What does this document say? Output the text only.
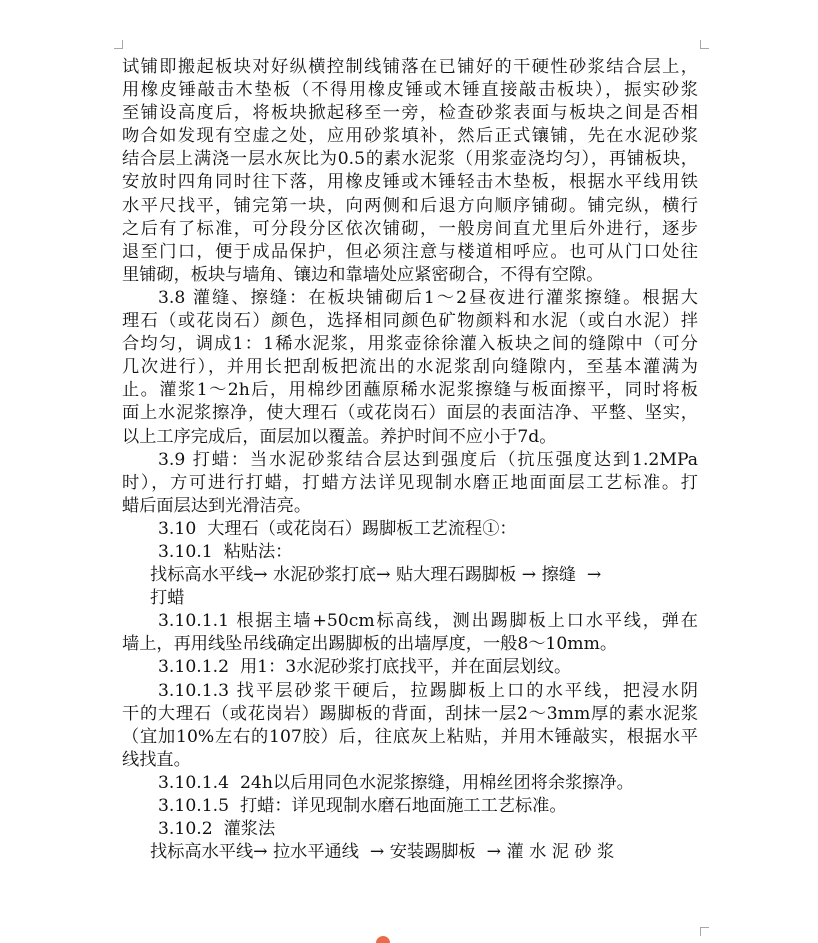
试铺即搬起板块对好纵横控制线铺落在已铺好的干硬性砂浆结合层上，
用橡皮锤敲击木垫板（不得用橡皮锤或木锤直接敲击板块），振实砂浆
至铺设高度后，将板块掀起移至一旁，检查砂浆表面与板块之间是否相
吻合如发现有空虚之处，应用砂浆填补，然后正式镶铺，先在水泥砂浆
结合层上满浇一层水灰比为0.5的素水泥浆（用浆壶浇均匀），再铺板块，
安放时四角同时往下落，用橡皮锤或木锤轻击木垫板，根据水平线用铁
水平尺找平，铺完第一块，向两侧和后退方向顺序铺砌。铺完纵，横行
之后有了标准，可分段分区依次铺砌，一般房间直尤里后外进行，逐步
退至门口，便于成品保护，但必须注意与楼道相呼应。也可从门口处往
里铺砌，板块与墙角、镶边和靠墙处应紧密砌合，不得有空隙。
3.8 灌缝、擦缝：在板块铺砌后1～2昼夜进行灌浆擦缝。根据大
理石（或花岗石）颜色，选择相同颜色矿物颜料和水泥（或白水泥）拌
合均匀，调成1：1稀水泥浆，用浆壶徐徐灌入板块之间的缝隙中（可分
几次进行），并用长把刮板把流出的水泥浆刮向缝隙内，至基本灌满为
止。灌浆1～2h后，用棉纱团蘸原稀水泥浆擦缝与板面擦平，同时将板
面上水泥浆擦净，使大理石（或花岗石）面层的表面洁净、平整、坚实，
以上工序完成后，面层加以覆盖。养护时间不应小于7d。
3.9 打蜡：当水泥砂浆结合层达到强度后（抗压强度达到1.2MPa
时），方可进行打蜡，打蜡方法详见现制水磨正地面面层工艺标准。打
蜡后面层达到光滑洁亮。
3.10  大理石（或花岗石）踢脚板工艺流程①：
3.10.1  粘贴法：
找标高水平线→ 水泥砂浆打底→ 贴大理石踢脚板 → 擦缝  →
打蜡
3.10.1.1 根据主墙+50cm标高线，测出踢脚板上口水平线，弹在
墙上，再用线坠吊线确定出踢脚板的出墙厚度，一般8～10mm。
3.10.1.2  用1：3水泥砂浆打底找平，并在面层划纹。
3.10.1.3 找平层砂浆干硬后，拉踢脚板上口的水平线，把浸水阴
干的大理石（或花岗岩）踢脚板的背面，刮抹一层2～3mm厚的素水泥浆
（宜加10%左右的107胶）后，往底灰上粘贴，并用木锤敲实，根据水平
线找直。
3.10.1.4  24h以后用同色水泥浆擦缝，用棉丝团将余浆擦净。
3.10.1.5  打蜡：详见现制水磨石地面施工工艺标准。
3.10.2  灌浆法
找标高水平线→ 拉水平通线  → 安装踢脚板  → 灌 水 泥 砂 浆
